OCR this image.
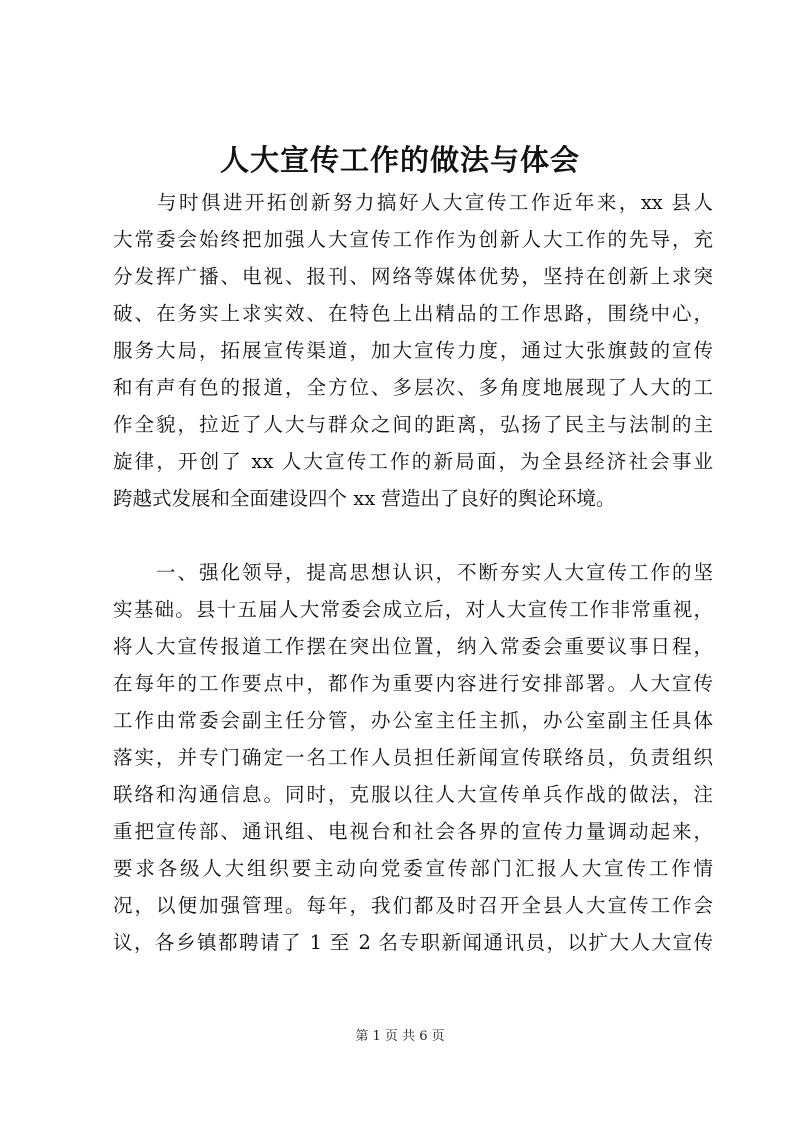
人大宣传工作的做法与体会
　　与时俱进开拓创新努力搞好人大宣传工作近年来，xx 县人
大常委会始终把加强人大宣传工作作为创新人大工作的先导，充
分发挥广播、电视、报刊、网络等媒体优势，坚持在创新上求突
破、在务实上求实效、在特色上出精品的工作思路，围绕中心，
服务大局，拓展宣传渠道，加大宣传力度，通过大张旗鼓的宣传
和有声有色的报道，全方位、多层次、多角度地展现了人大的工
作全貌，拉近了人大与群众之间的距离，弘扬了民主与法制的主
旋律，开创了 xx 人大宣传工作的新局面，为全县经济社会事业
跨越式发展和全面建设四个 xx 营造出了良好的舆论环境。
　　一、强化领导，提高思想认识，不断夯实人大宣传工作的坚
实基础。县十五届人大常委会成立后，对人大宣传工作非常重视，
将人大宣传报道工作摆在突出位置，纳入常委会重要议事日程，
在每年的工作要点中，都作为重要内容进行安排部署。人大宣传
工作由常委会副主任分管，办公室主任主抓，办公室副主任具体
落实，并专门确定一名工作人员担任新闻宣传联络员，负责组织
联络和沟通信息。同时，克服以往人大宣传单兵作战的做法，注
重把宣传部、通讯组、电视台和社会各界的宣传力量调动起来，
要求各级人大组织要主动向党委宣传部门汇报人大宣传工作情
况，以便加强管理。每年，我们都及时召开全县人大宣传工作会
议，各乡镇都聘请了 1 至 2 名专职新闻通讯员，以扩大人大宣传
第 1 页 共 6 页
